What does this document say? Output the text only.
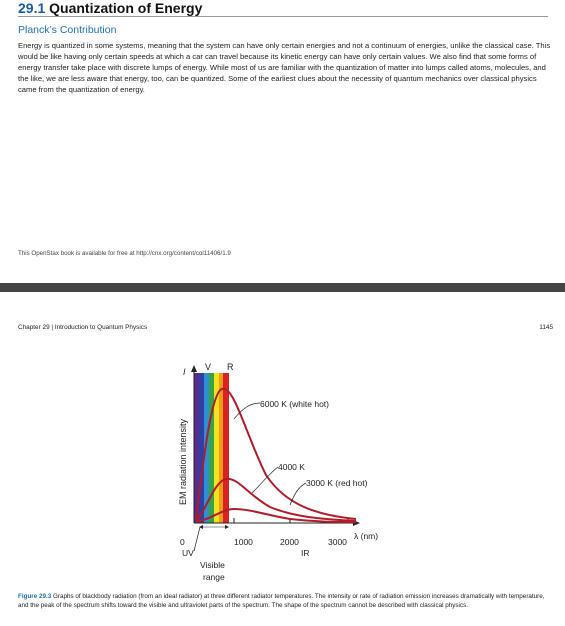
29.1 Quantization of Energy
Planck’s Contribution

Energy is quantized in some systems, meaning that the system can have only certain energies and not a continuum of energies, unlike the classical case. This would be like having only certain speeds at which a car can travel because its kinetic energy can have only certain values. We also find that some forms of energy transfer take place with discrete lumps of energy. While most of us are familiar with the quantization of matter into lumps called atoms, molecules, and the like, we are less aware that energy, too, can be quantized. Some of the earliest clues about the necessity of quantum mechanics over classical physics came from the quantization of energy.

This OpenStax book is available for free at http://cnx.org/content/col11406/1.9
Chapter 29 | Introduction to Quantum Physics	1145
I V R
EM radiation intensity
6000 K (white hot)
4000 K
3000 K (red hot)
0	1000	2000	3000
λ (nm)
IR
UV
Visible
range

Figure 29.3 Graphs of blackbody radiation (from an ideal radiator) at three different radiator temperatures. The intensity or rate of radiation emission increases dramatically with temperature, and the peak of the spectrum shifts toward the visible and ultraviolet parts of the spectrum. The shape of the spectrum cannot be described with classical physics.
